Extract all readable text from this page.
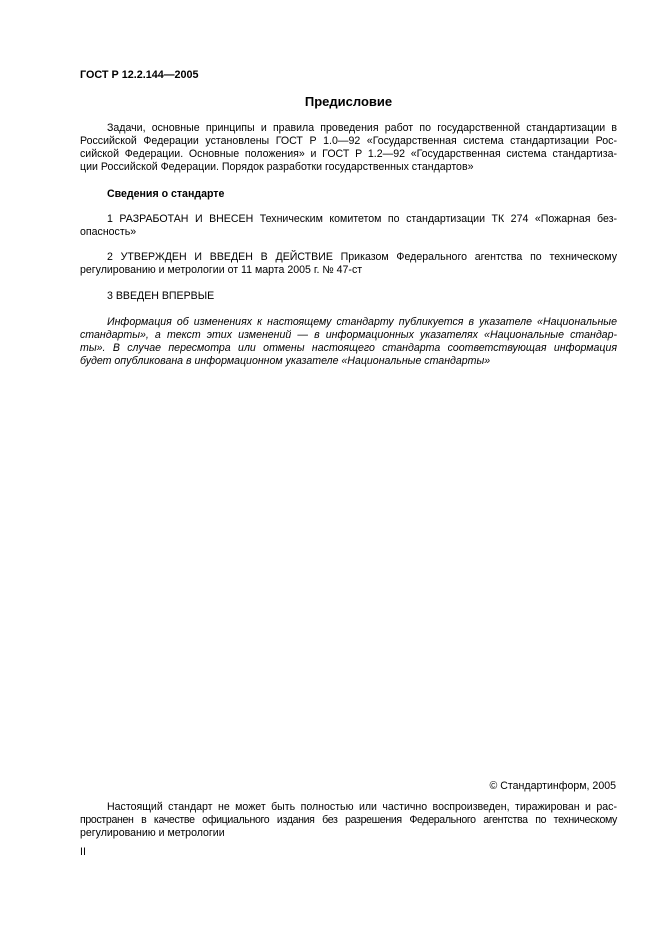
ГОСТ Р 12.2.144—2005
Предисловие
Задачи, основные принципы и правила проведения работ по государственной стандартизации в
Российской Федерации установлены ГОСТ Р 1.0—92 «Государственная система стандартизации Рос-
сийской Федерации. Основные положения» и ГОСТ Р 1.2—92 «Государственная система стандартиза-
ции Российской Федерации. Порядок разработки государственных стандартов»
Сведения о стандарте
1 РАЗРАБОТАН И ВНЕСЕН Техническим комитетом по стандартизации ТК 274 «Пожарная без-
опасность»
2 УТВЕРЖДЕН И ВВЕДЕН В ДЕЙСТВИЕ Приказом Федерального агентства по техническому
регулированию и метрологии от 11 марта 2005 г. № 47-ст
3 ВВЕДЕН ВПЕРВЫЕ
Информация об изменениях к настоящему стандарту публикуется в указателе «Национальные
стандарты», а текст этих изменений — в информационных указателях «Национальные стандар-
ты». В случае пересмотра или отмены настоящего стандарта соответствующая информация
будет опубликована в информационном указателе «Национальные стандарты»
© Стандартинформ, 2005
Настоящий стандарт не может быть полностью или частично воспроизведен, тиражирован и рас-
пространен в качестве официального издания без разрешения Федерального агентства по техническому
регулированию и метрологии
II
